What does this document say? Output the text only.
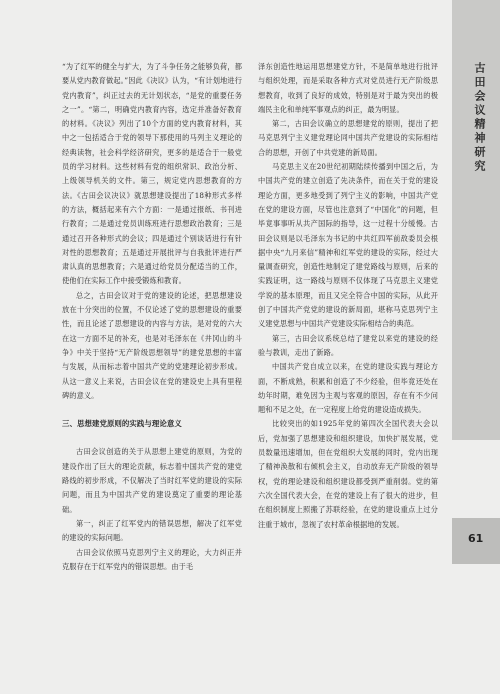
“为了红军的健全与扩大，为了斗争任务之能够负荷，都要从党内教育做起。”因此《决议》认为，“有计划地进行党内教育”，纠正过去的无计划状态，“是党的重要任务之一”。“第二，明确党内教育内容，选定并准备好教育的材料。《决议》列出了10个方面的党内教育材料，其中之一包括适合于党的领导下那使用的马列主义理论的经典读物，社会科学经济研究，更多的是适合于一般党员的学习材料。这些材料有党的组织常识、政治分析、上级领导机关的文件。第三，规定党内思想教育的方法。《古田会议决议》就思想建设提出了18种形式多样的方法，概括起来有六个方面：一是通过报纸、书刊进行教育；二是通过党员训练班进行思想政治教育；三是通过召开各种形式的会议；四是通过个别谈话进行有针对性的思想教育；五是通过开展批评与自我批评进行严肃认真的思想教育；六是通过给党员分配适当的工作，使他们在实际工作中接受锻炼和教育。

总之，古田会议对于党的建设的论述，把思想建设放在十分突出的位置，不仅论述了党的思想建设的重要性，而且论述了思想建设的内容与方法，是对党的六大在这一方面不足的补充，也是对毛泽东在《井冈山的斗争》中关于坚持“无产阶级思想领导”的建党思想的丰富与发展，从而标志着中国共产党的党建理论初步形成。从这一意义上来说，古田会议在党的建设史上具有里程碑的意义。

三、思想建党原则的实践与理论意义

古田会议创造的关于从思想上建党的原则，为党的建设作出了巨大的理论贡献，标志着中国共产党的建党路线的初步形成，不仅解决了当时红军党的建设的实际问题，而且为中国共产党的建设奠定了重要的理论基础。

第一，纠正了红军党内的错误思想，解决了红军党的建设的实际问题。

古田会议依照马克思列宁主义的理论，大力纠正并克服存在于红军党内的错误思想。由于毛

泽东创造性地运用思想建党方针，不是简单地进行批评与组织处理，而是采取各种方式对党员进行无产阶级思想教育，收到了良好的成效，特别是对于最为突出的极端民主化和单纯军事观点的纠正，最为明显。

第二，古田会议确立的思想建党的原则，提出了把马克思列宁主义建党理论同中国共产党建设的实际相结合的思想，开创了中共党建的新局面。

马克思主义在20世纪初期陆续传播到中国之后，为中国共产党的建立创造了先决条件，而在关于党的建设理论方面，更多地受到了列宁主义的影响，中国共产党在党的建设方面，尽管也注意到了“中国化”的问题，但毕竟事事听从共产国际的指导，这一过程十分缓慢。古田会议则是以毛泽东为书记的中共红四军前敌委员会根据中央“九月来信”精神和红军党的建设的实际，经过大量调查研究，创造性地制定了建党路线与原则，后来的实践证明，这一路线与原则不仅体现了马克思主义建党学说的基本原理，而且又完全符合中国的实际，从此开创了中国共产党党的建设的新局面，堪称马克思列宁主义建党思想与中国共产党建设实际相结合的典范。

第三，古田会议系统总结了建党以来党的建设的经验与教训，走出了新路。

中国共产党自成立以来，在党的建设实践与理论方面，不断成熟，积累和创造了不少经验，但毕竟还处在幼年时期，难免因为主观与客观的原因，存在有不少问题和不足之处，在一定程度上给党的建设造成损失。

比较突出的如1925年党的第四次全国代表大会以后，党加强了思想建设和组织建设，加快扩展发展，党员数量迅速增加，但在党组织大发展的同时，党内出现了精神涣散和右倾机会主义，自动放弃无产阶级的领导权，党的理论建设和组织建设都受到严重削弱。党的第六次全国代表大会，在党的建设上有了很大的进步，但在组织制度上照搬了苏联经验，在党的建设重点上过分注重于城市，忽视了农村革命根据地的发展。

古田会议精神研究
61
